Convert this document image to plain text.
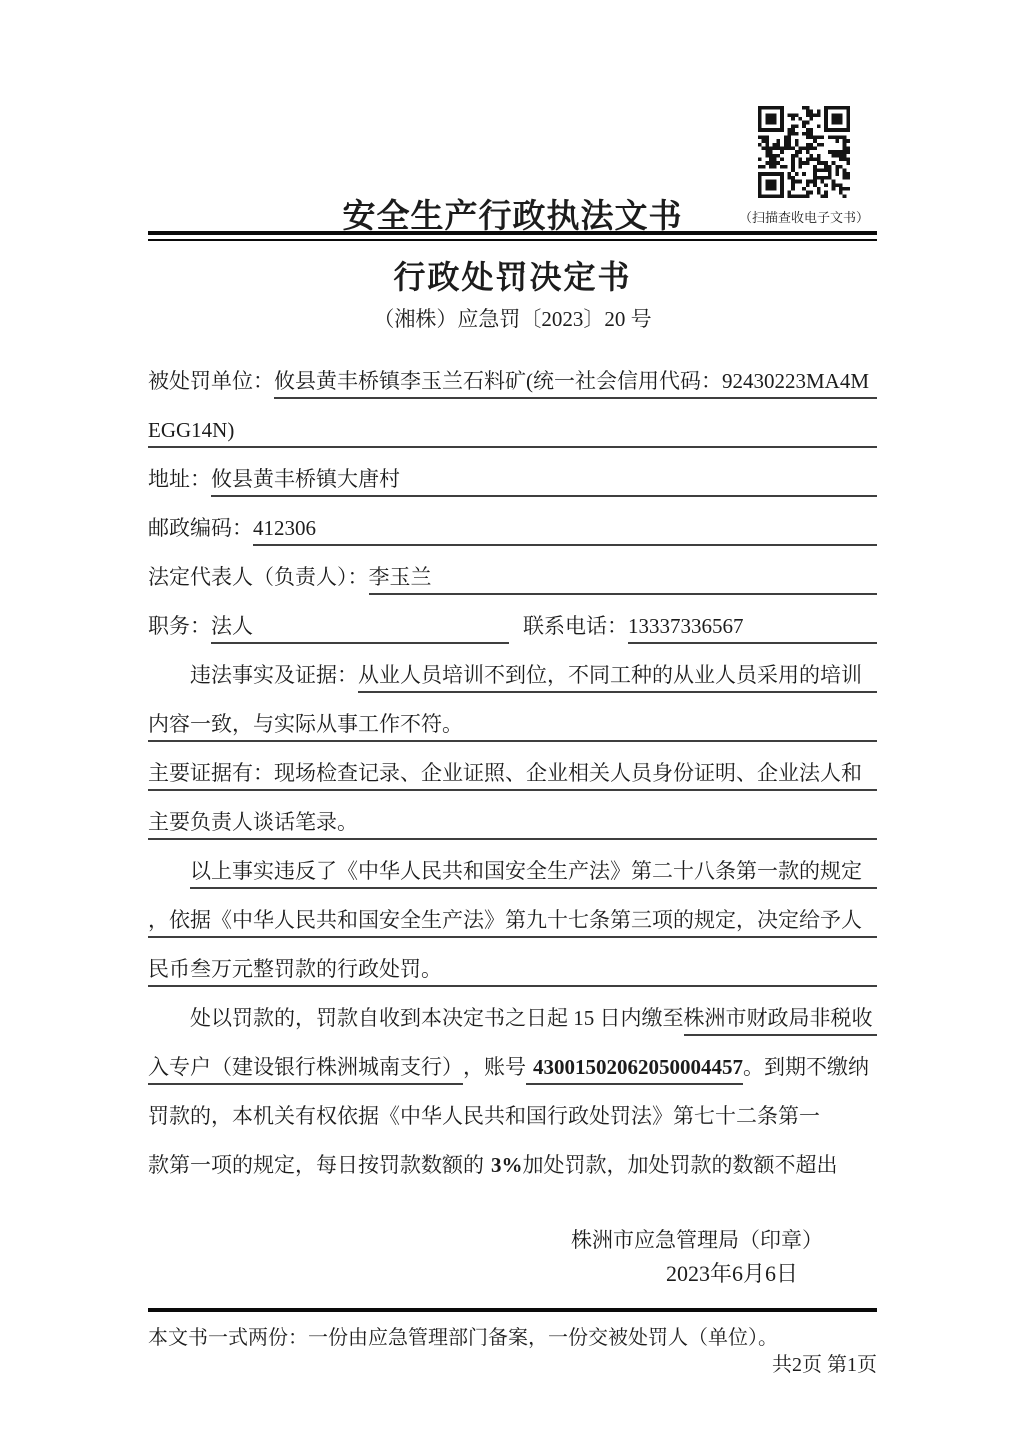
（扫描查收电子文书）
安全生产行政执法文书
行政处罚决定书
（湘株）应急罚〔2023〕20 号
被处罚单位： 攸县黄丰桥镇李玉兰石料矿(统一社会信用代码：92430223MA4M
EGG14N)
地址： 攸县黄丰桥镇大唐村
邮政编码： 412306
法定代表人（负责人）： 李玉兰
职务： 法人	联系电话： 13337336567
违法事实及证据： 从业人员培训不到位，不同工种的从业人员采用的培训
内容一致，与实际从事工作不符。
主要证据有：现场检查记录、企业证照、企业相关人员身份证明、企业法人和
主要负责人谈话笔录。
以上事实违反了《中华人民共和国安全生产法》第二十八条第一款的规定
，依据《中华人民共和国安全生产法》第九十七条第三项的规定，决定给予人
民币叁万元整罚款的行政处罚。
处以罚款的，罚款自收到本决定书之日起 15 日内缴至 株洲市财政局非税收
入专户（建设银行株洲城南支行） ，账号 43001502062050004457 。到期不缴纳
罚款的，本机关有权依据《中华人民共和国行政处罚法》第七十二条第一
款第一项的规定，每日按罚款数额的 3% 加处罚款，加处罚款的数额不超出
株洲市应急管理局（印章）
2023年6月6日
本文书一式两份：一份由应急管理部门备案，一份交被处罚人（单位）。
共2页 第1页
